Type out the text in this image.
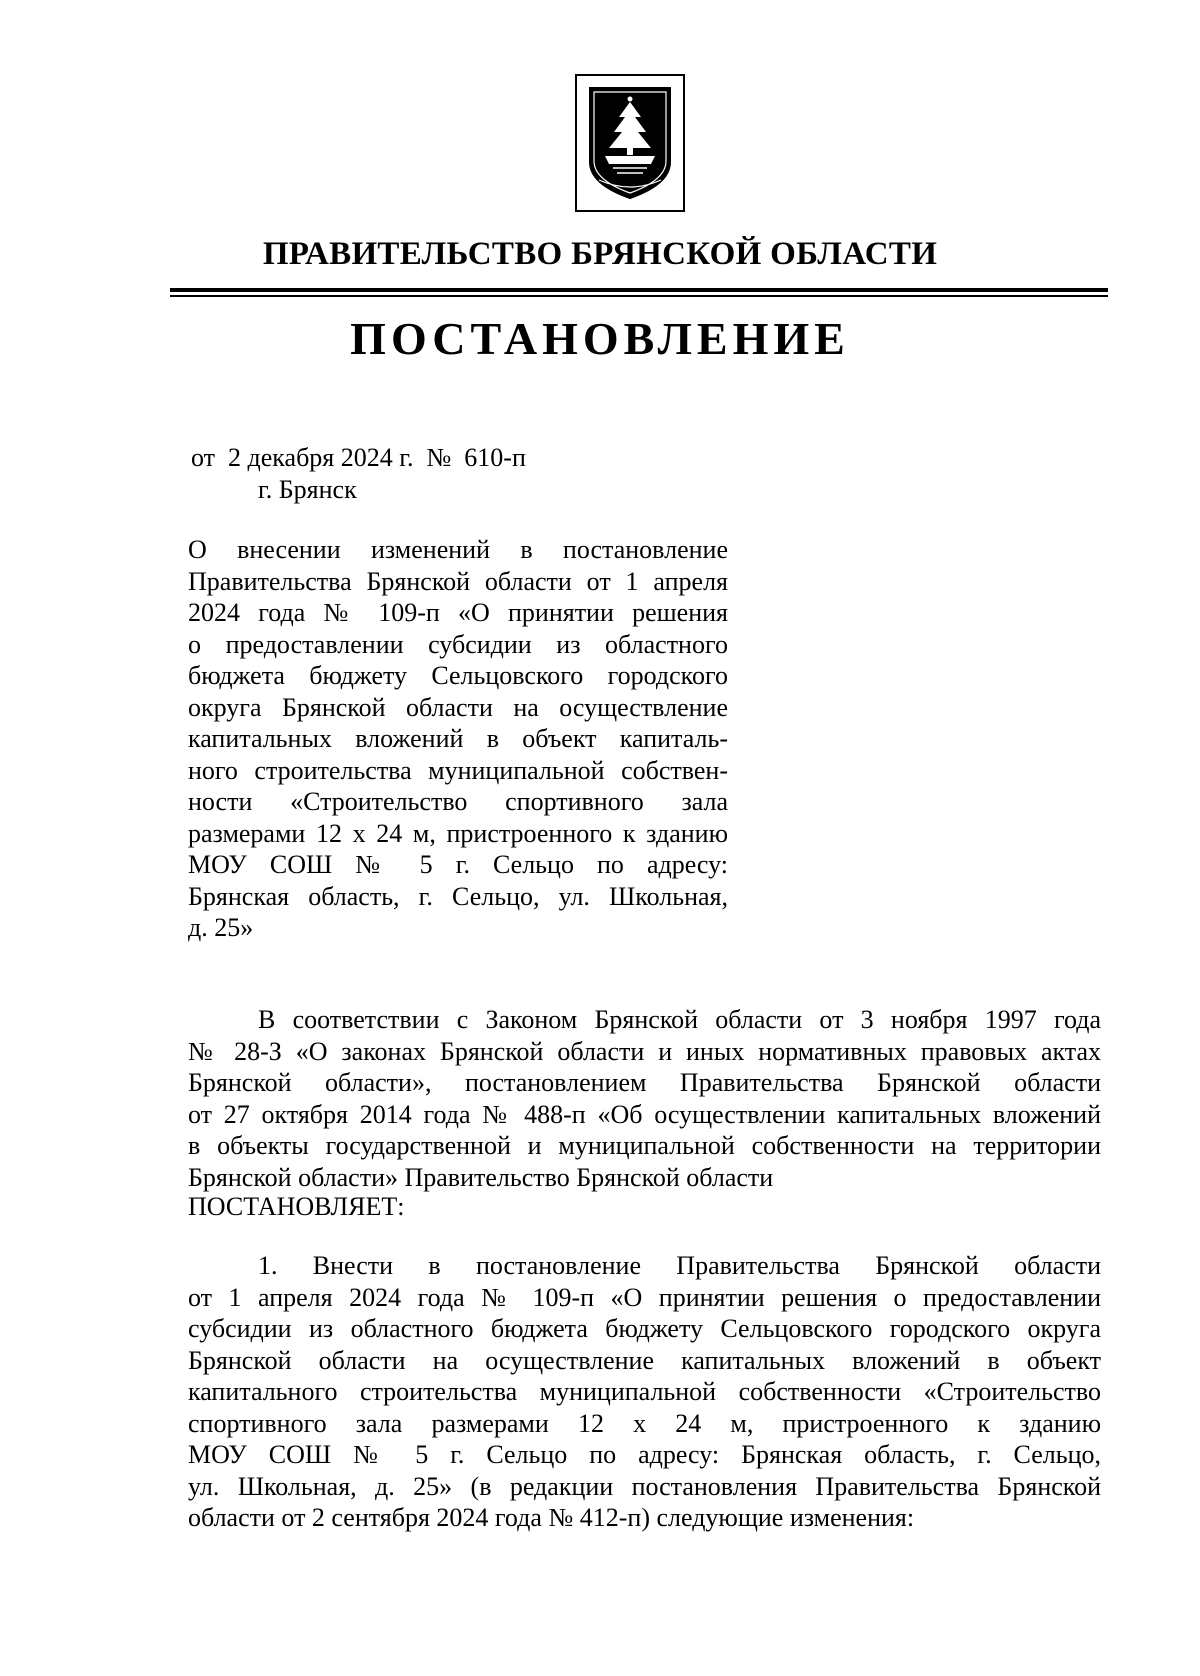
ПРАВИТЕЛЬСТВО БРЯНСКОЙ ОБЛАСТИ
ПОСТАНОВЛЕНИЕ
от  2 декабря 2024 г.  №  610-п
г. Брянск
О внесении изменений в постановление
Правительства Брянской области от 1 апреля
2024 года № 109-п «О принятии решения
о предоставлении субсидии из областного
бюджета бюджету Сельцовского городского
округа Брянской области на осуществление
капитальных вложений в объект капиталь-
ного строительства муниципальной собствен-
ности «Строительство спортивного зала
размерами 12 х 24 м, пристроенного к зданию
МОУ СОШ № 5 г. Сельцо по адресу:
Брянская область, г. Сельцо, ул. Школьная,
д. 25»
В соответствии с Законом Брянской области от 3 ноября 1997 года
№ 28-З «О законах Брянской области и иных нормативных правовых актах
Брянской области», постановлением Правительства Брянской области
от 27 октября 2014 года № 488-п «Об осуществлении капитальных вложений
в объекты государственной и муниципальной собственности на территории
Брянской области» Правительство Брянской области
ПОСТАНОВЛЯЕТ:
1. Внести в постановление Правительства Брянской области
от 1 апреля 2024 года № 109-п «О принятии решения о предоставлении
субсидии из областного бюджета бюджету Сельцовского городского округа
Брянской области на осуществление капитальных вложений в объект
капитального строительства муниципальной собственности «Строительство
спортивного зала размерами 12 х 24 м, пристроенного к зданию
МОУ СОШ № 5 г. Сельцо по адресу: Брянская область, г. Сельцо,
ул. Школьная, д. 25» (в редакции постановления Правительства Брянской
области от 2 сентября 2024 года № 412-п) следующие изменения:
